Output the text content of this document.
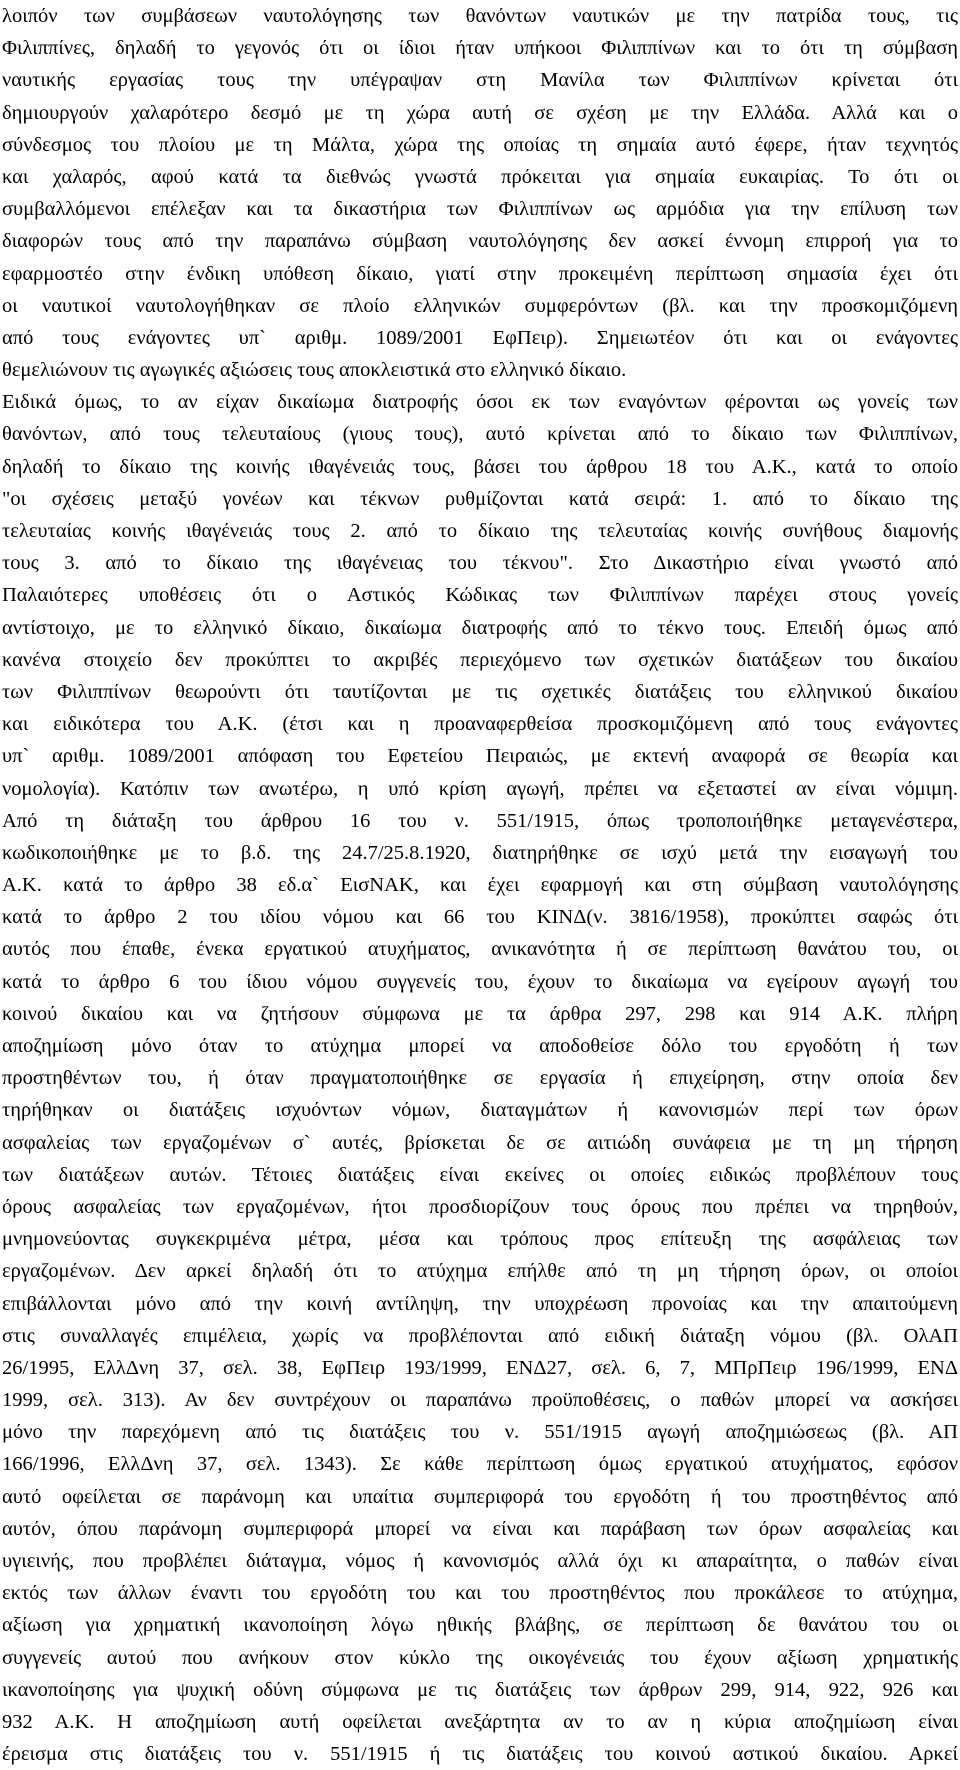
λοιπόν των συμβάσεων ναυτολόγησης των θανόντων ναυτικών με την πατρίδα τους, τις
Φιλιππίνες, δηλαδή το γεγονός ότι οι ίδιοι ήταν υπήκοοι Φιλιππίνων και το ότι τη σύμβαση
ναυτικής εργασίας τους την υπέγραψαν στη Μανίλα των Φιλιππίνων κρίνεται ότι
δημιουργούν χαλαρότερο δεσμό με τη χώρα αυτή σε σχέση με την Ελλάδα. Αλλά και ο
σύνδεσμος του πλοίου με τη Μάλτα, χώρα της οποίας τη σημαία αυτό έφερε, ήταν τεχνητός
και χαλαρός, αφού κατά τα διεθνώς γνωστά πρόκειται για σημαία ευκαιρίας. Το ότι οι
συμβαλλόμενοι επέλεξαν και τα δικαστήρια των Φιλιππίνων ως αρμόδια για την επίλυση των
διαφορών τους από την παραπάνω σύμβαση ναυτολόγησης δεν ασκεί έννομη επιρροή για το
εφαρμοστέο στην ένδικη υπόθεση δίκαιο, γιατί στην προκειμένη περίπτωση σημασία έχει ότι
οι ναυτικοί ναυτολογήθηκαν σε πλοίο ελληνικών συμφερόντων (βλ. και την προσκομιζόμενη
από τους ενάγοντες υπ` αριθμ. 1089/2001 ΕφΠειρ). Σημειωτέον ότι και οι ενάγοντες
θεμελιώνουν τις αγωγικές αξιώσεις τους αποκλειστικά στο ελληνικό δίκαιο.
Ειδικά όμως, το αν είχαν δικαίωμα διατροφής όσοι εκ των εναγόντων φέρονται ως γονείς των
θανόντων, από τους τελευταίους (γιους τους), αυτό κρίνεται από το δίκαιο των Φιλιππίνων,
δηλαδή το δίκαιο της κοινής ιθαγένειάς τους, βάσει του άρθρου 18 του Α.Κ., κατά το οποίο
"οι σχέσεις μεταξύ γονέων και τέκνων ρυθμίζονται κατά σειρά: 1. από το δίκαιο της
τελευταίας κοινής ιθαγένειάς τους 2. από το δίκαιο της τελευταίας κοινής συνήθους διαμονής
τους 3. από το δίκαιο της ιθαγένειας του τέκνου". Στο Δικαστήριο είναι γνωστό από
Παλαιότερες υποθέσεις ότι ο Αστικός Κώδικας των Φιλιππίνων παρέχει στους γονείς
αντίστοιχο, με το ελληνικό δίκαιο, δικαίωμα διατροφής από το τέκνο τους. Επειδή όμως από
κανένα στοιχείο δεν προκύπτει το ακριβές περιεχόμενο των σχετικών διατάξεων του δικαίου
των Φιλιππίνων θεωρούντι ότι ταυτίζονται με τις σχετικές διατάξεις του ελληνικού δικαίου
και ειδικότερα του Α.Κ. (έτσι και η προαναφερθείσα προσκομιζόμενη από τους ενάγοντες
υπ` αριθμ. 1089/2001 απόφαση του Εφετείου Πειραιώς, με εκτενή αναφορά σε θεωρία και
νομολογία). Κατόπιν των ανωτέρω, η υπό κρίση αγωγή, πρέπει να εξεταστεί αν είναι νόμιμη.
Από τη διάταξη του άρθρου 16 του ν. 551/1915, όπως τροποποιήθηκε μεταγενέστερα,
κωδικοποιήθηκε με το β.δ. της 24.7/25.8.1920, διατηρήθηκε σε ισχύ μετά την εισαγωγή του
Α.Κ. κατά το άρθρο 38 εδ.α` ΕισΝΑΚ, και έχει εφαρμογή και στη σύμβαση ναυτολόγησης
κατά το άρθρο 2 του ιδίου νόμου και 66 του ΚΙΝΔ(ν. 3816/1958), προκύπτει σαφώς ότι
αυτός που έπαθε, ένεκα εργατικού ατυχήματος, ανικανότητα ή σε περίπτωση θανάτου του, οι
κατά το άρθρο 6 του ίδιου νόμου συγγενείς του, έχουν το δικαίωμα να εγείρουν αγωγή του
κοινού δικαίου και να ζητήσουν σύμφωνα με τα άρθρα 297, 298 και 914 Α.Κ. πλήρη
αποζημίωση μόνο όταν το ατύχημα μπορεί να αποδοθείσε δόλο του εργοδότη ή των
προστηθέντων του, ή όταν πραγματοποιήθηκε σε εργασία ή επιχείρηση, στην οποία δεν
τηρήθηκαν οι διατάξεις ισχυόντων νόμων, διαταγμάτων ή κανονισμών περί των όρων
ασφαλείας των εργαζομένων σ` αυτές, βρίσκεται δε σε αιτιώδη συνάφεια με τη μη τήρηση
των διατάξεων αυτών. Τέτοιες διατάξεις είναι εκείνες οι οποίες ειδικώς προβλέπουν τους
όρους ασφαλείας των εργαζομένων, ήτοι προσδιορίζουν τους όρους που πρέπει να τηρηθούν,
μνημονεύοντας συγκεκριμένα μέτρα, μέσα και τρόπους προς επίτευξη της ασφάλειας των
εργαζομένων. Δεν αρκεί δηλαδή ότι το ατύχημα επήλθε από τη μη τήρηση όρων, οι οποίοι
επιβάλλονται μόνο από την κοινή αντίληψη, την υποχρέωση προνοίας και την απαιτούμενη
στις συναλλαγές επιμέλεια, χωρίς να προβλέπονται από ειδική διάταξη νόμου (βλ. ΟλΑΠ
26/1995, ΕλλΔνη 37, σελ. 38, ΕφΠειρ 193/1999, ΕΝΔ27, σελ. 6, 7, ΜΠρΠειρ 196/1999, ΕΝΔ
1999, σελ. 313). Αν δεν συντρέχουν οι παραπάνω προϋποθέσεις, ο παθών μπορεί να ασκήσει
μόνο την παρεχόμενη από τις διατάξεις του ν. 551/1915 αγωγή αποζημιώσεως (βλ. ΑΠ
166/1996, ΕλλΔνη 37, σελ. 1343). Σε κάθε περίπτωση όμως εργατικού ατυχήματος, εφόσον
αυτό οφείλεται σε παράνομη και υπαίτια συμπεριφορά του εργοδότη ή του προστηθέντος από
αυτόν, όπου παράνομη συμπεριφορά μπορεί να είναι και παράβαση των όρων ασφαλείας και
υγιεινής, που προβλέπει διάταγμα, νόμος ή κανονισμός αλλά όχι κι απαραίτητα, ο παθών είναι
εκτός των άλλων έναντι του εργοδότη του και του προστηθέντος που προκάλεσε το ατύχημα,
αξίωση για χρηματική ικανοποίηση λόγω ηθικής βλάβης, σε περίπτωση δε θανάτου του οι
συγγενείς αυτού που ανήκουν στον κύκλο της οικογένειάς του έχουν αξίωση χρηματικής
ικανοποίησης για ψυχική οδύνη σύμφωνα με τις διατάξεις των άρθρων 299, 914, 922, 926 και
932 Α.Κ. Η αποζημίωση αυτή οφείλεται ανεξάρτητα αν το αν η κύρια αποζημίωση είναι
έρεισμα στις διατάξεις του ν. 551/1915 ή τις διατάξεις του κοινού αστικού δικαίου. Αρκεί
